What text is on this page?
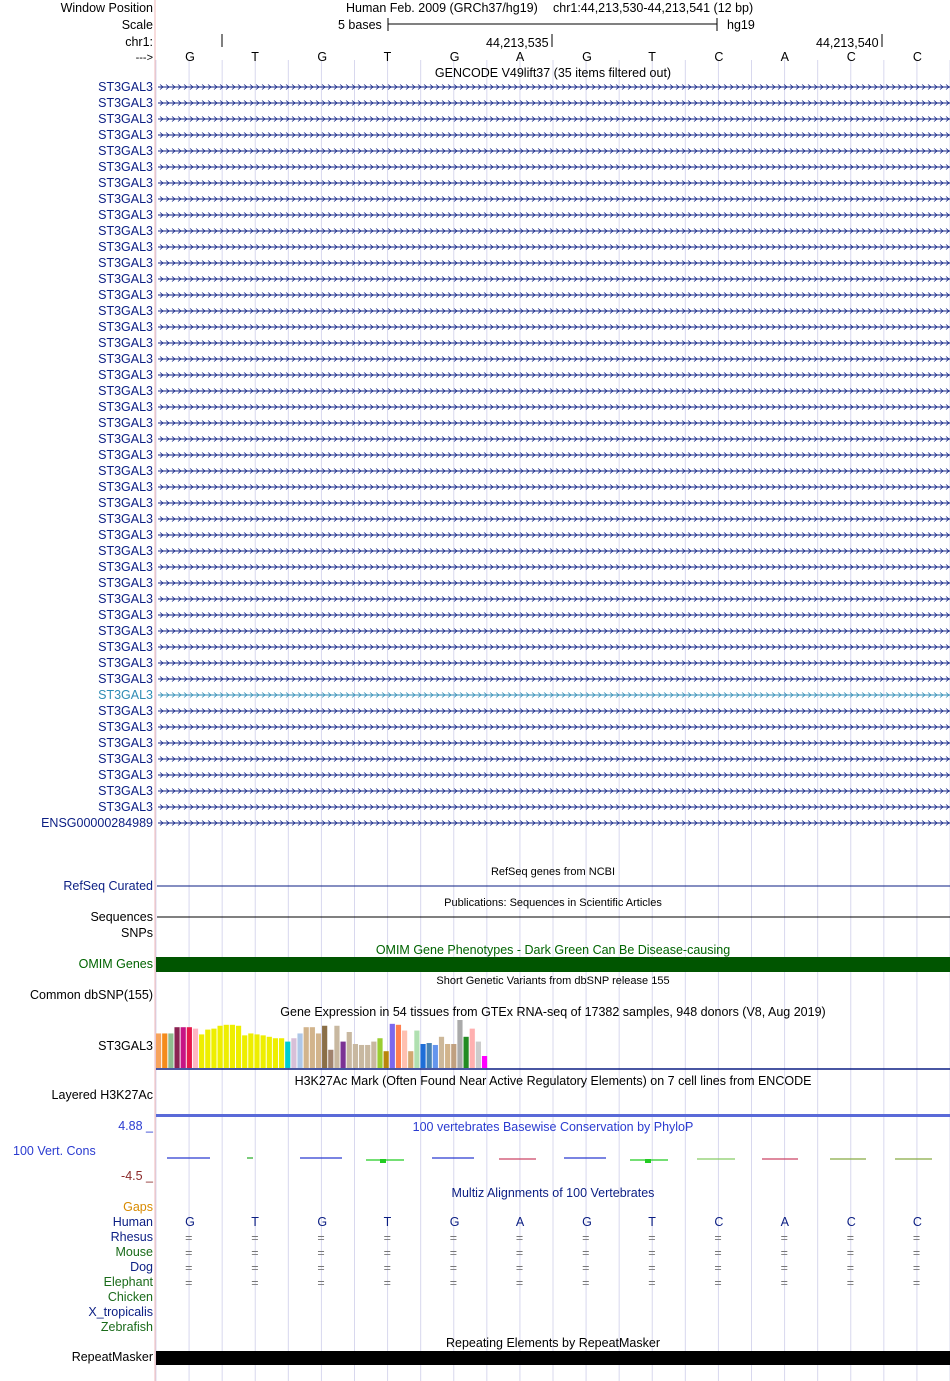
Window Position
Scale
chr1:
--->
Human Feb. 2009 (GRCh37/hg19) chr1:44,213,530-44,213,541 (12 bp)
5 bases	hg19
44,213,535	44,213,540
G	T	G	T	G	A	G	T	C	A	C	C
GENCODE V49lift37 (35 items filtered out)
ST3GAL3
ST3GAL3
ST3GAL3
ST3GAL3
ST3GAL3
ST3GAL3
ST3GAL3
ST3GAL3
ST3GAL3
ST3GAL3
ST3GAL3
ST3GAL3
ST3GAL3
ST3GAL3
ST3GAL3
ST3GAL3
ST3GAL3
ST3GAL3
ST3GAL3
ST3GAL3
ST3GAL3
ST3GAL3
ST3GAL3
ST3GAL3
ST3GAL3
ST3GAL3
ST3GAL3
ST3GAL3
ST3GAL3
ST3GAL3
ST3GAL3
ST3GAL3
ST3GAL3
ST3GAL3
ST3GAL3
ST3GAL3
ST3GAL3
ST3GAL3
ST3GAL3
ST3GAL3
ST3GAL3
ST3GAL3
ST3GAL3
ST3GAL3
ST3GAL3
ST3GAL3
ENSG00000284989
RefSeq genes from NCBI
RefSeq Curated
Publications: Sequences in Scientific Articles
Sequences
SNPs
OMIM Gene Phenotypes - Dark Green Can Be Disease-causing
OMIM Genes
Short Genetic Variants from dbSNP release 155
Common dbSNP(155)
Gene Expression in 54 tissues from GTEx RNA-seq of 17382 samples, 948 donors (V8, Aug 2019)
ST3GAL3
H3K27Ac Mark (Often Found Near Active Regulatory Elements) on 7 cell lines from ENCODE
Layered H3K27Ac
100 vertebrates Basewise Conservation by PhyloP
4.88 _
100 Vert. Cons
-4.5 _
Multiz Alignments of 100 Vertebrates
Gaps
Human	G	T	G	T	G	A	G	T	C	A	C	C
Rhesus	=	=	=	=	=	=	=	=	=	=	=	=
Mouse	=	=	=	=	=	=	=	=	=	=	=	=
Dog	=	=	=	=	=	=	=	=	=	=	=	=
Elephant	=	=	=	=	=	=	=	=	=	=	=	=
Chicken
X_tropicalis
Zebrafish
Repeating Elements by RepeatMasker
RepeatMasker
